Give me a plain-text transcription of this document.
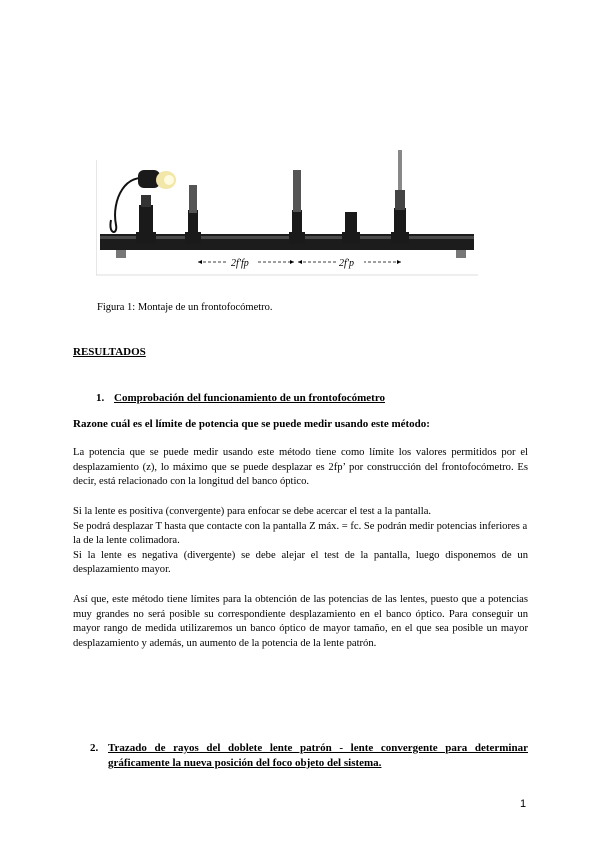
2f′fp	2f′p
Figura 1: Montaje de un frontofocómetro.
RESULTADOS
1. Comprobación del funcionamiento de un frontofocómetro
Razone cuál es el límite de potencia que se puede medir usando este método:

La potencia que se puede medir usando este método tiene como límite los valores permitidos por el desplazamiento (z), lo máximo que se puede desplazar es 2fp’ por construcción del frontofocómetro. Es decir, está relacionado con la longitud del banco óptico.

Si la lente es positiva (convergente) para enfocar se debe acercar el test a la pantalla.

Se podrá desplazar T hasta que contacte con la pantalla Z máx. = fc. Se podrán medir potencias inferiores a la de la lente colimadora.

Si la lente es negativa (divergente) se debe alejar el test de la pantalla, luego disponemos de un desplazamiento mayor.

Así que, este método tiene límites para la obtención de las potencias de las lentes, puesto que a potencias muy grandes no será posible su correspondiente desplazamiento en el banco óptico. Para conseguir un mayor rango de medida utilizaremos un banco óptico de mayor tamaño, en el que sea posible un mayor desplazamiento y además, un aumento de la potencia de la lente patrón.

2. Trazado de rayos del doblete lente patrón - lente convergente para determinar gráficamente la nueva posición del foco objeto del sistema.
1
